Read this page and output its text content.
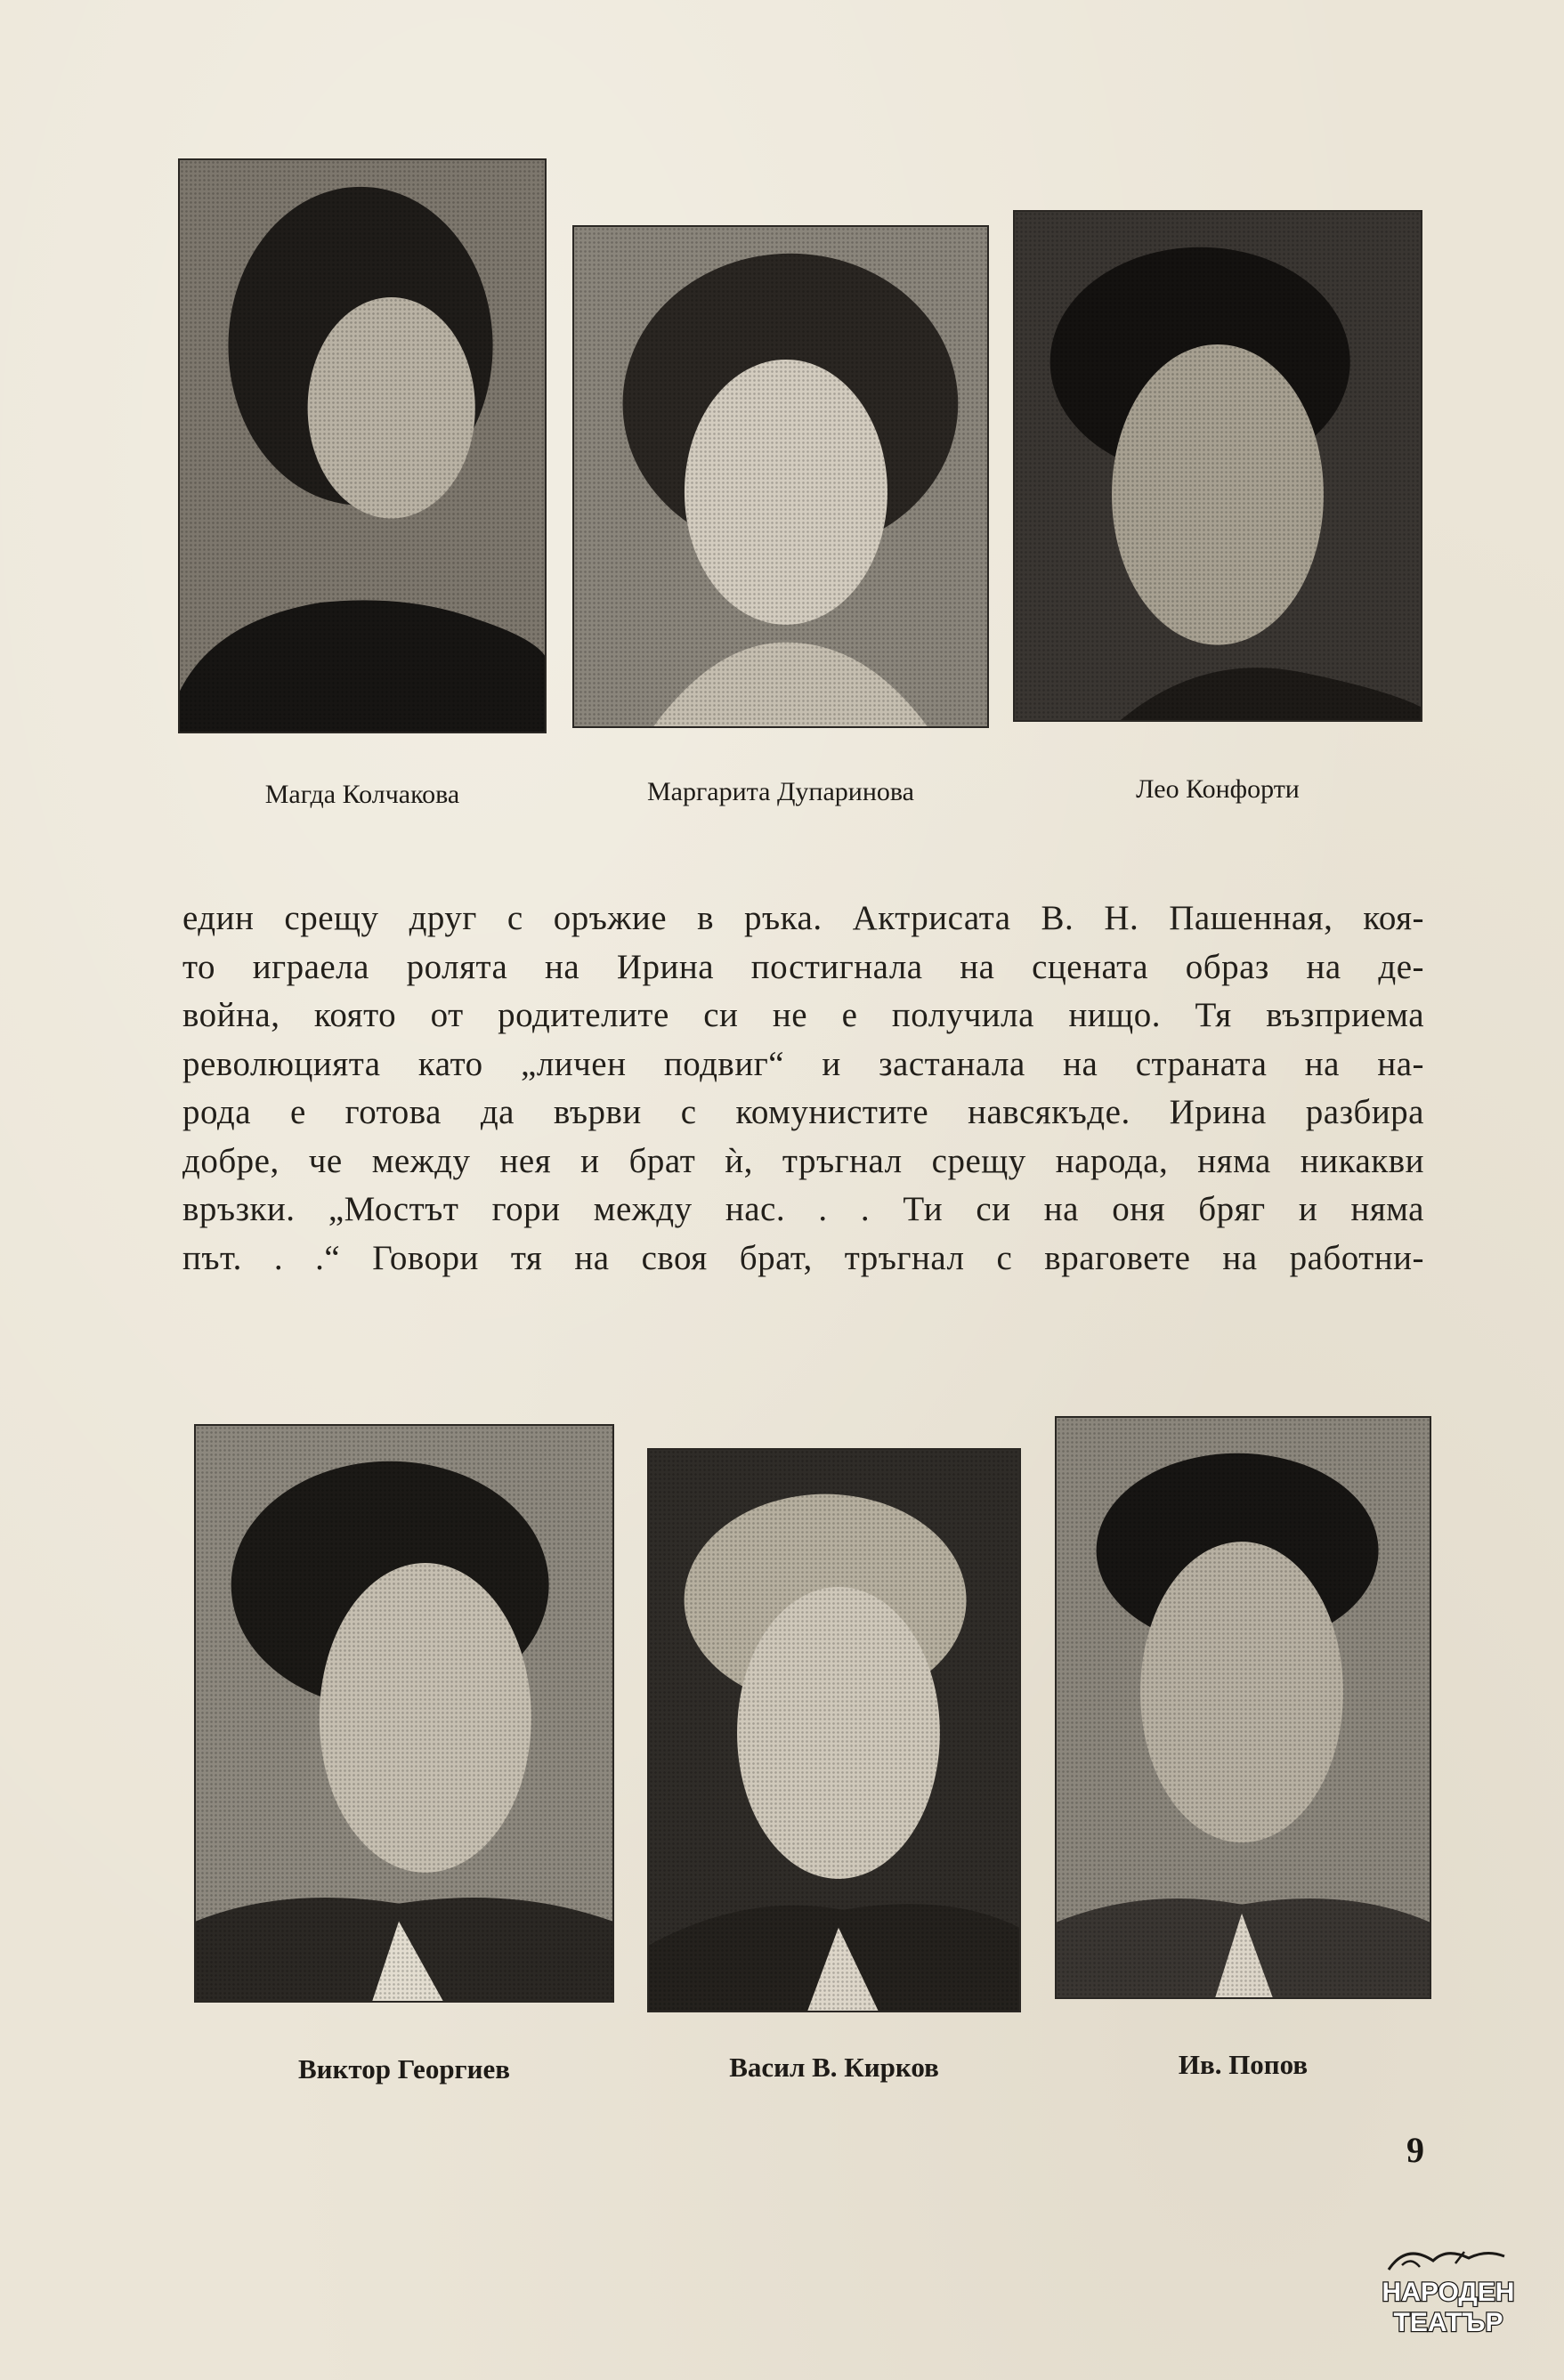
Магда Колчакова	Маргарита Дупаринова	Лео Конфорти
един срещу друг с оръжие в ръка. Актрисата В. Н. Пашенная, коя-
то играела ролята на Ирина постигнала на сцената образ на де-
война, която от родителите си не е получила нищо. Тя възприема
революцията като „личен подвиг“ и застанала на страната на на-
рода е готова да върви с комунистите навсякъде. Ирина разбира
добре, че между нея и брат ѝ, тръгнал срещу народа, няма никакви
връзки. „Мостът гори между нас. . . Ти си на оня бряг и няма
път. . .“ Говори тя на своя брат, тръгнал с враговете на работни-
Виктор Георгиев	Васил В. Кирков	Ив. Попов
9
НАРОДЕН
ТЕАТЪР
